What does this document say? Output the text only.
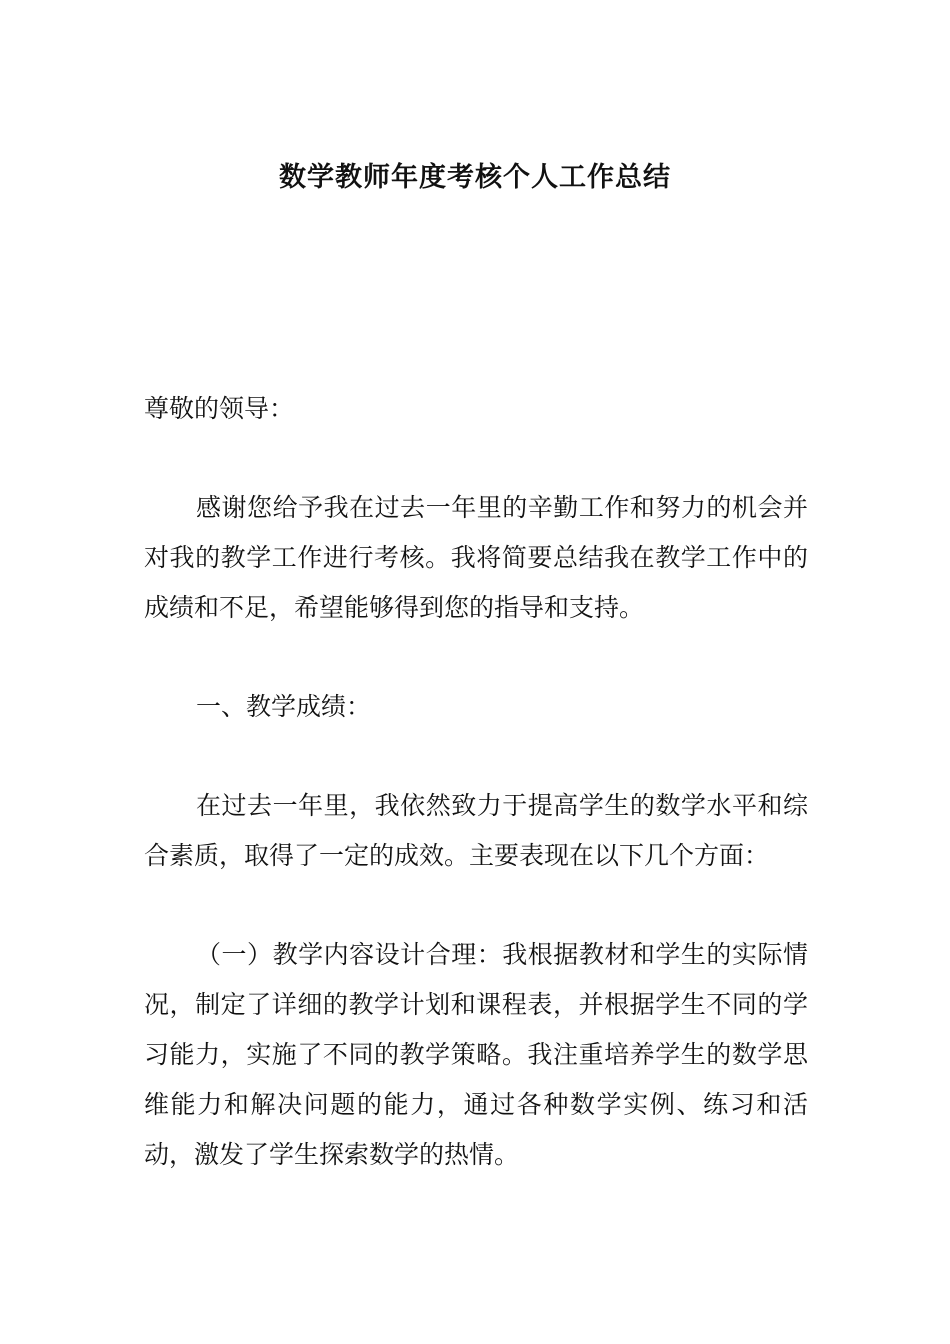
数学教师年度考核个人工作总结

尊敬的领导：

感谢您给予我在过去一年里的辛勤工作和努力的机会并对我的教学工作进行考核。我将简要总结我在教学工作中的成绩和不足，希望能够得到您的指导和支持。

一、教学成绩：

在过去一年里，我依然致力于提高学生的数学水平和综合素质，取得了一定的成效。主要表现在以下几个方面：

（一）教学内容设计合理：我根据教材和学生的实际情况，制定了详细的教学计划和课程表，并根据学生不同的学习能力，实施了不同的教学策略。我注重培养学生的数学思维能力和解决问题的能力，通过各种数学实例、练习和活动，激发了学生探索数学的热情。
